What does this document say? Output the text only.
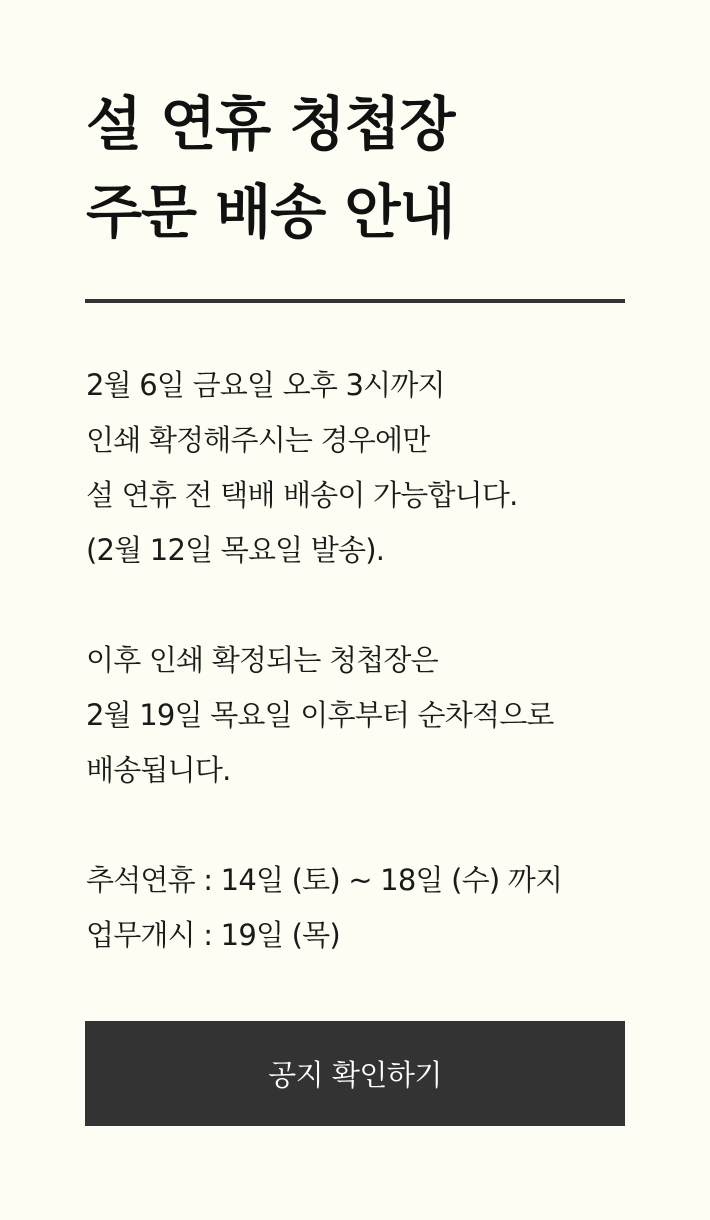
설 연휴 청첩장
주문 배송 안내
2월 6일 금요일 오후 3시까지
인쇄 확정해주시는 경우에만
설 연휴 전 택배 배송이 가능합니다.
(2월 12일 목요일 발송).
이후 인쇄 확정되는 청첩장은
2월 19일 목요일 이후부터 순차적으로
배송됩니다.
추석연휴 : 14일 (토) ~ 18일 (수) 까지
업무개시 : 19일 (목)
공지 확인하기
